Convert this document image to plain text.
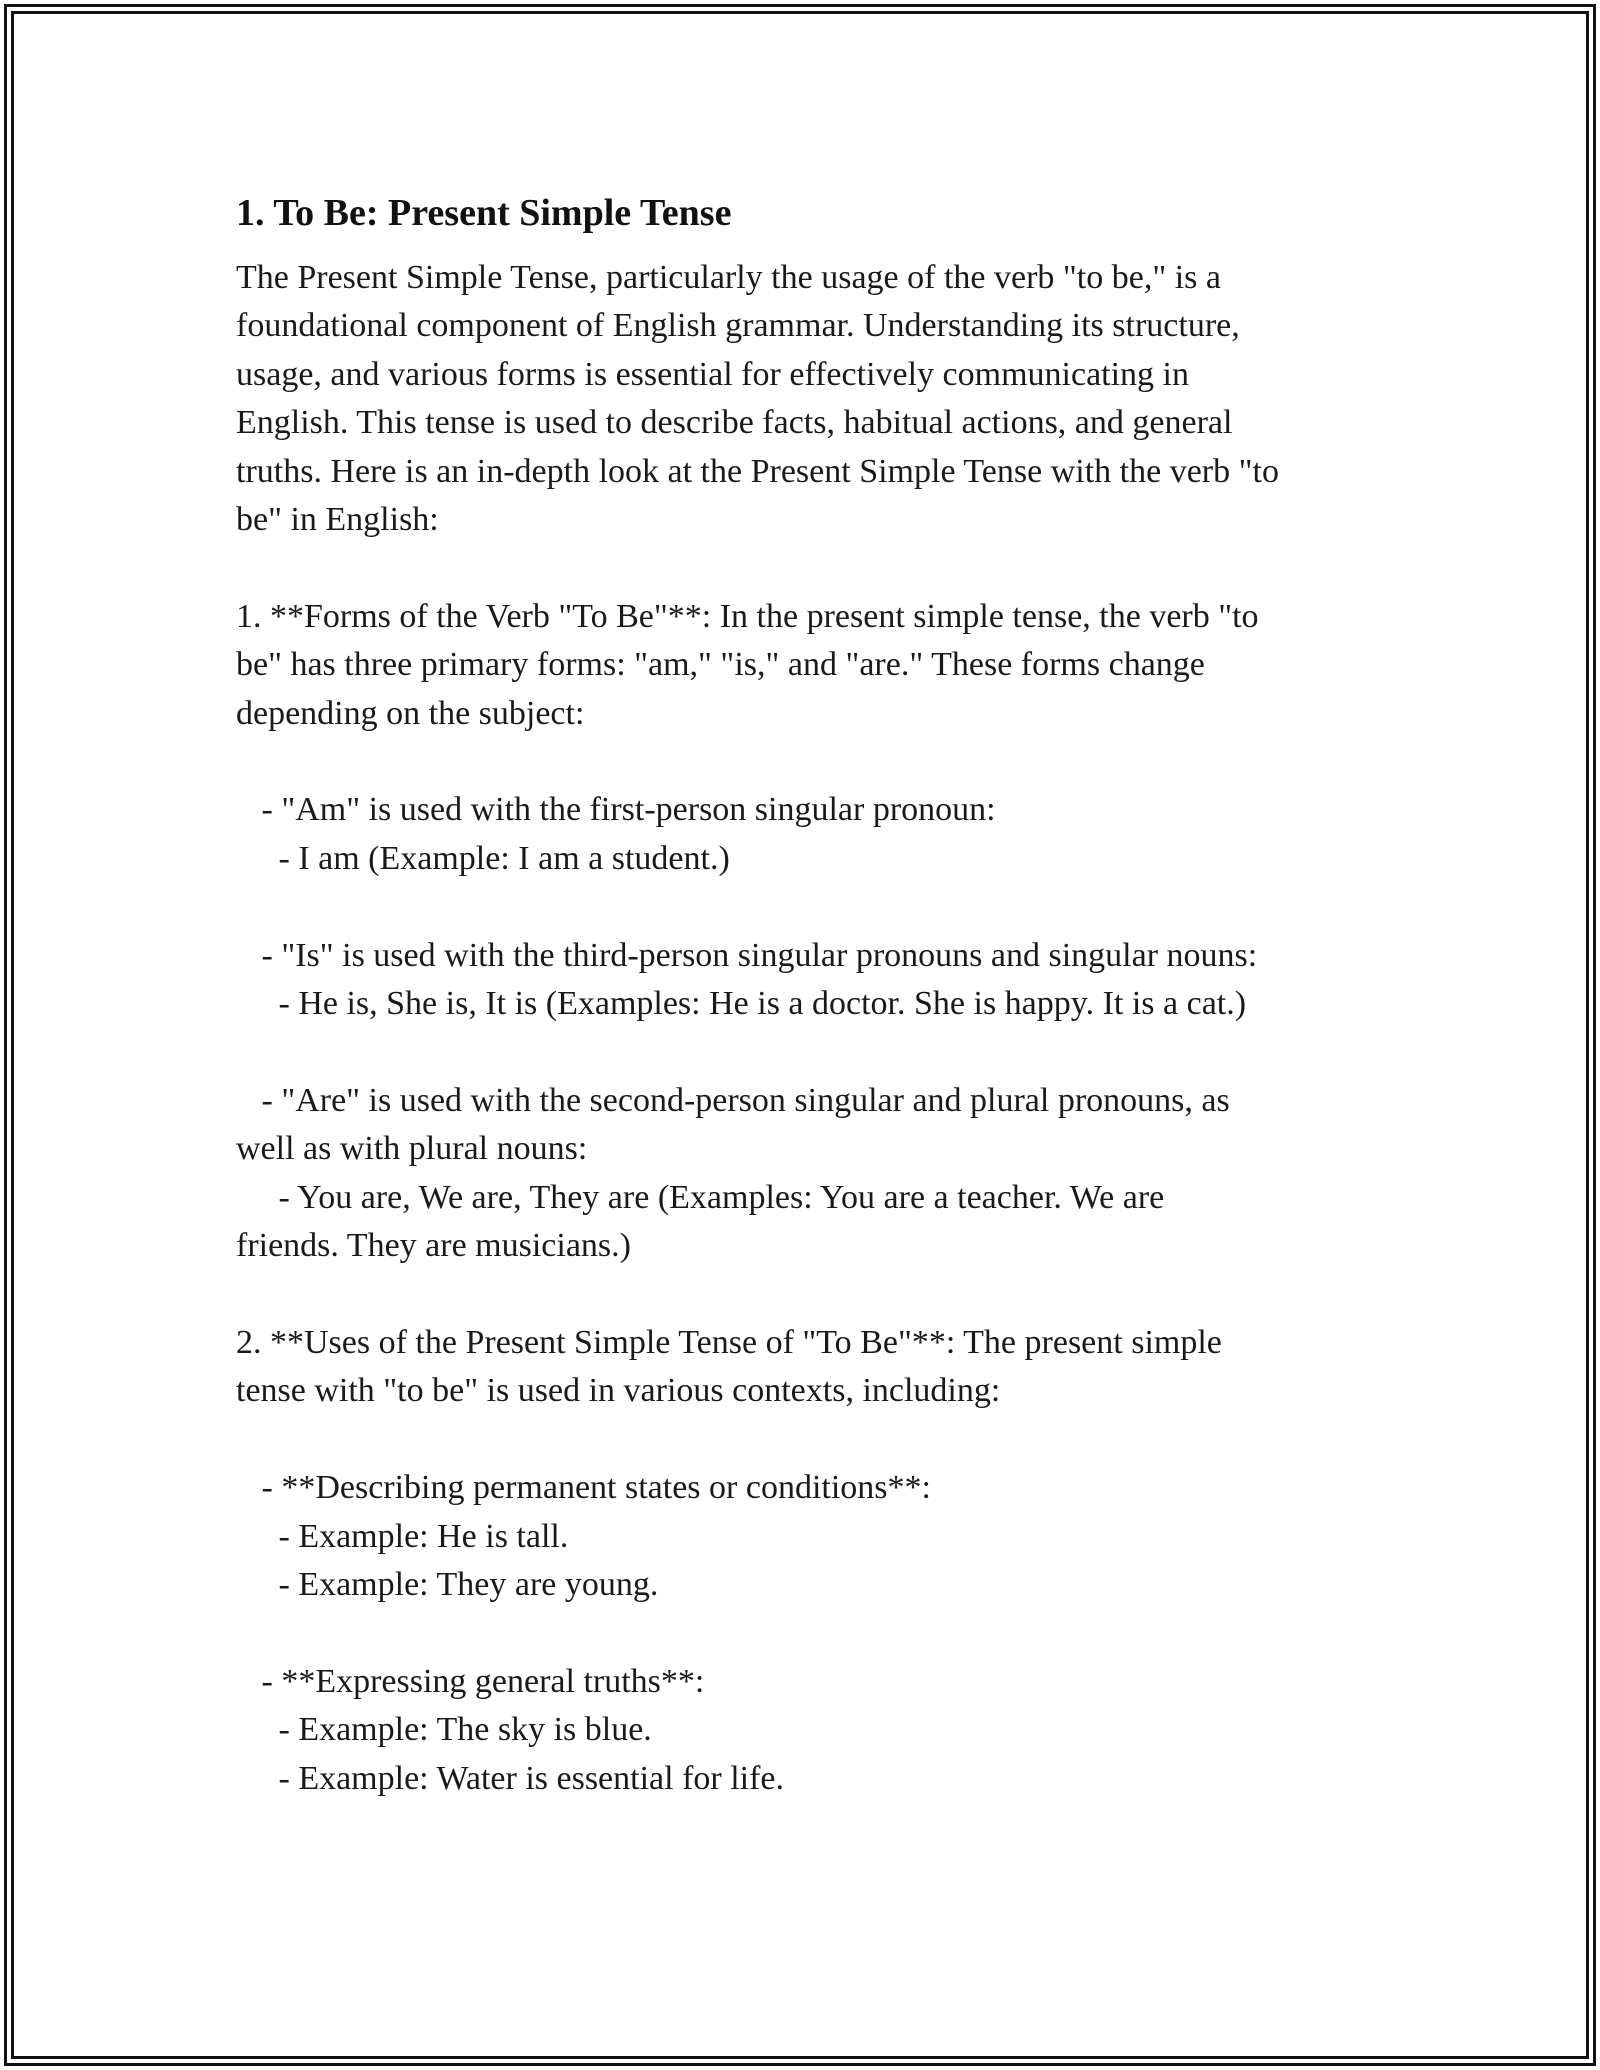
1. To Be: Present Simple Tense

The Present Simple Tense, particularly the usage of the verb "to be," is a
foundational component of English grammar. Understanding its structure,
usage, and various forms is essential for effectively communicating in
English. This tense is used to describe facts, habitual actions, and general
truths. Here is an in-depth look at the Present Simple Tense with the verb "to
be" in English:

1. **Forms of the Verb "To Be"**: In the present simple tense, the verb "to
be" has three primary forms: "am," "is," and "are." These forms change
depending on the subject:

- "Am" is used with the first-person singular pronoun:
- I am (Example: I am a student.)

- "Is" is used with the third-person singular pronouns and singular nouns:
- He is, She is, It is (Examples: He is a doctor. She is happy. It is a cat.)

- "Are" is used with the second-person singular and plural pronouns, as
well as with plural nouns:
- You are, We are, They are (Examples: You are a teacher. We are
friends. They are musicians.)

2. **Uses of the Present Simple Tense of "To Be"**: The present simple
tense with "to be" is used in various contexts, including:

- **Describing permanent states or conditions**:
- Example: He is tall.
- Example: They are young.

- **Expressing general truths**:
- Example: The sky is blue.
- Example: Water is essential for life.
